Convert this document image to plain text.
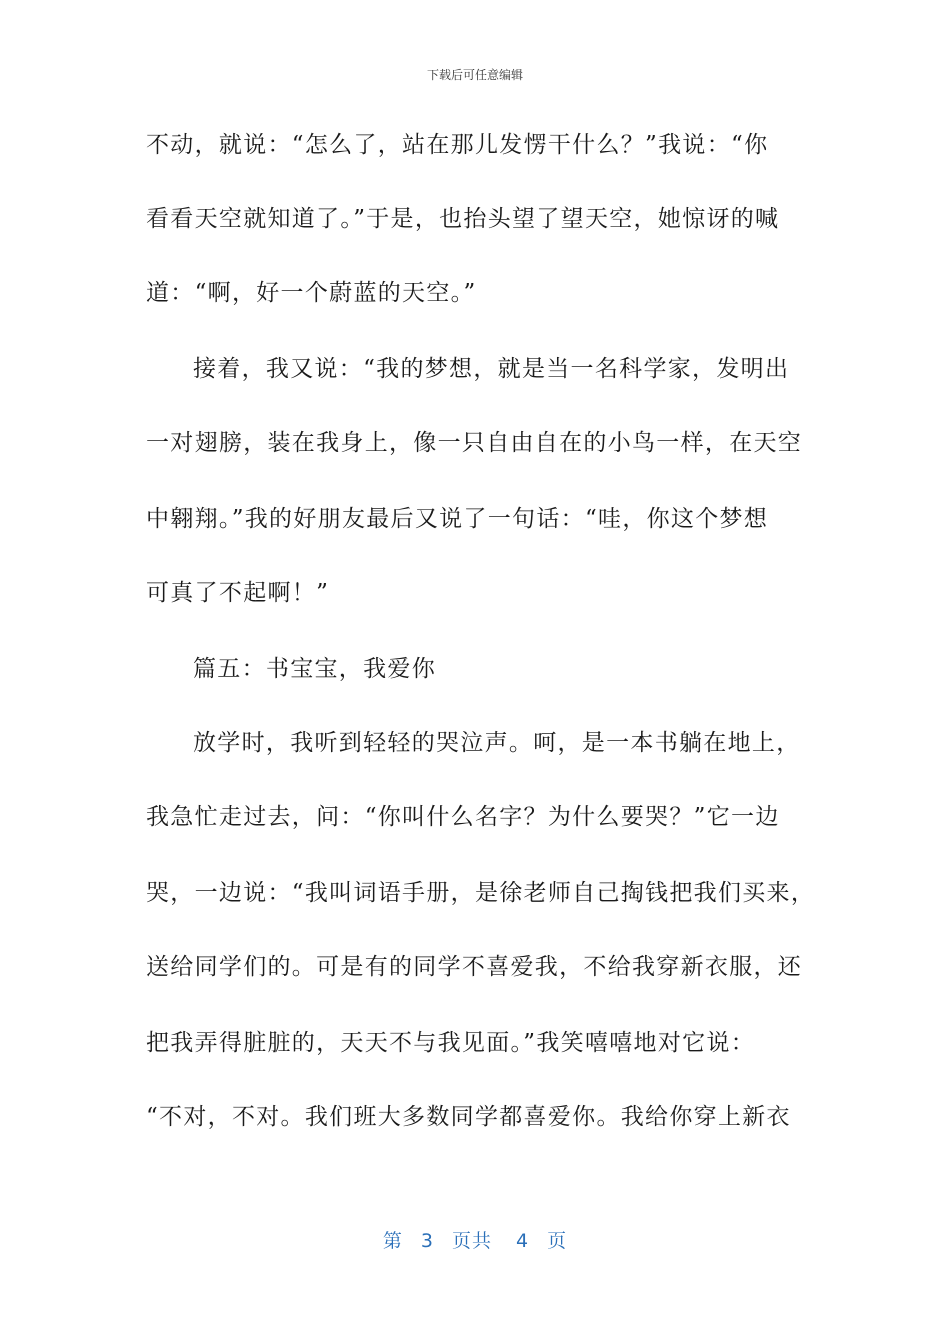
下载后可任意编辑
不动，就说：“怎么了，站在那儿发愣干什么？”我说：“你
看看天空就知道了。”于是，也抬头望了望天空，她惊讶的喊
道：“啊，好一个蔚蓝的天空。”
接着，我又说：“我的梦想，就是当一名科学家，发明出
一对翅膀，装在我身上，像一只自由自在的小鸟一样，在天空
中翱翔。”我的好朋友最后又说了一句话：“哇，你这个梦想
可真了不起啊！”
篇五：书宝宝，我爱你
放学时，我听到轻轻的哭泣声。呵，是一本书躺在地上，
我急忙走过去，问：“你叫什么名字？为什么要哭？”它一边
哭，一边说：“我叫词语手册，是徐老师自己掏钱把我们买来，
送给同学们的。可是有的同学不喜爱我，不给我穿新衣服，还
把我弄得脏脏的，天天不与我见面。”我笑嘻嘻地对它说：
“不对，不对。我们班大多数同学都喜爱你。我给你穿上新衣
第 3 页共 4 页
